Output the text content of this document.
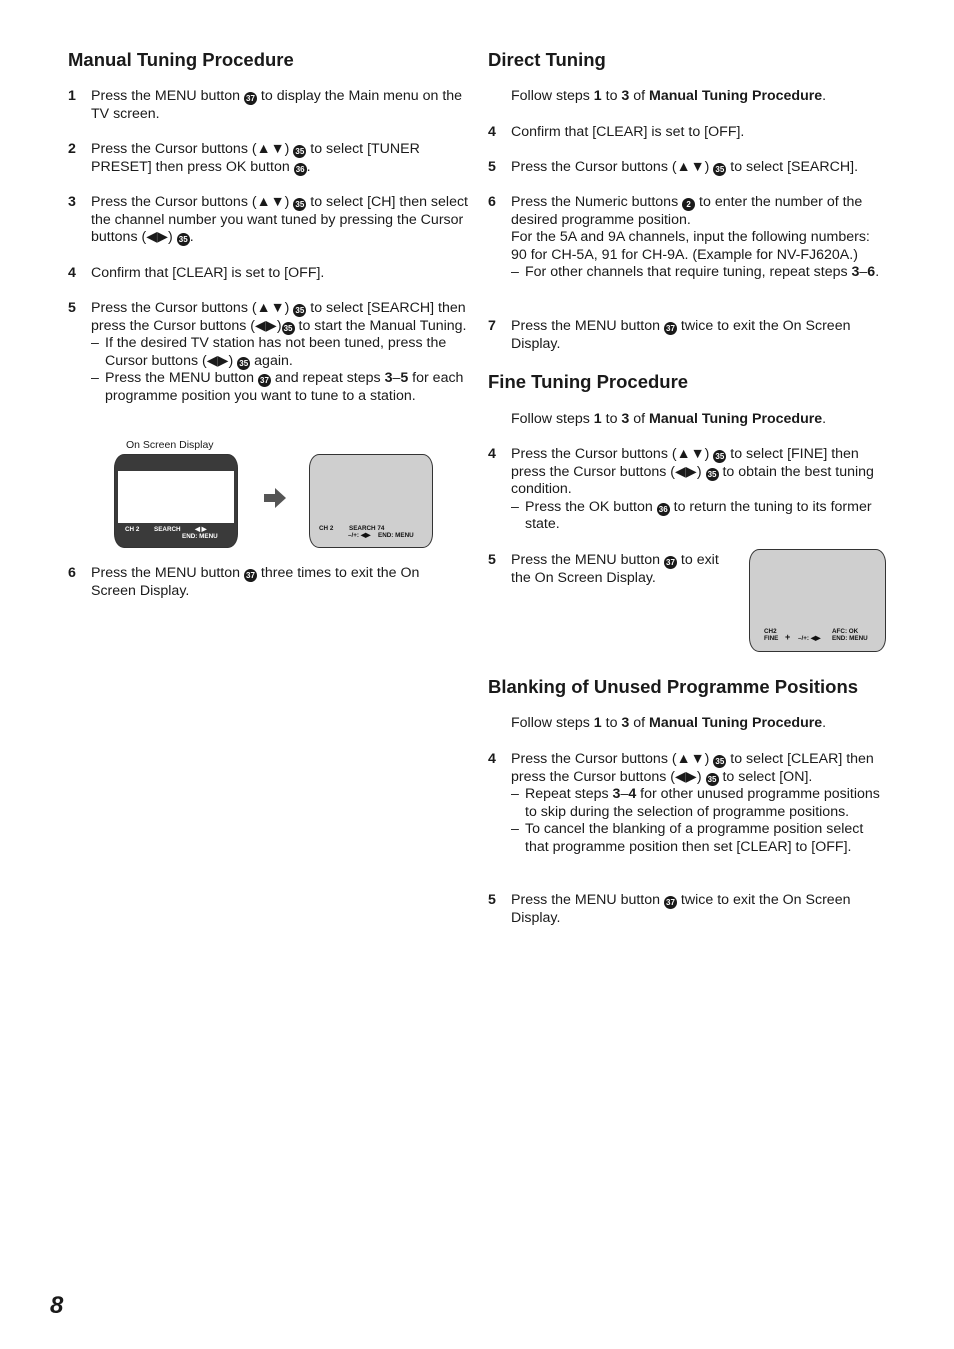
Manual Tuning Procedure
1	Press the MENU button 37 to display the Main menu on the TV screen.

2	Press the Cursor buttons (▲▼) 35 to select [TUNER PRESET] then press OK button 36 .

3	Press the Cursor buttons (▲▼) 35 to select [CH] then select the channel number you want tuned by pressing the Cursor buttons (◀▶) 35 .

4	Confirm that [CLEAR] is set to [OFF].

5	Press the Cursor buttons (▲▼) 35 to select [SEARCH] then press the Cursor buttons (◀▶) 35 to start the Manual Tuning.

– If the desired TV station has not been tuned, press the Cursor buttons (◀▶) 35 again.

– Press the MENU button 37 and repeat steps 3–5 for each programme position you want to tune to a station.

On Screen Display
CH 2 SEARCH ◀ ▶
END: MENU
CH 2 SEARCH 74
–/+: ◀▶ END: MENU
6	Press the MENU button 37 three times to exit the On Screen Display.

Direct Tuning
Follow steps 1 to 3 of Manual Tuning Procedure.
4	Confirm that [CLEAR] is set to [OFF].

5	Press the Cursor buttons (▲▼) 35 to select [SEARCH].

6	Press the Numeric buttons 2 to enter the number of the desired programme position.

For the 5A and 9A channels, input the following numbers: 90 for CH-5A, 91 for CH-9A. (Example for NV-FJ620A.)

– For other channels that require tuning, repeat steps 3–6.

7	Press the MENU button 37 twice to exit the On Screen Display.

Fine Tuning Procedure
Follow steps 1 to 3 of Manual Tuning Procedure.
4	Press the Cursor buttons (▲▼) 35 to select [FINE] then press the Cursor buttons (◀▶) 35 to obtain the best tuning condition.

– Press the OK button 36 to return the tuning to its former state.

5	Press the MENU button 37 to exit the On Screen Display.

CH2
FINE + –/+: ◀▶
AFC: OK
END: MENU
Blanking of Unused Programme Positions
Follow steps 1 to 3 of Manual Tuning Procedure.
4	Press the Cursor buttons (▲▼) 35 to select [CLEAR] then press the Cursor buttons (◀▶) 35 to select [ON].

– Repeat steps 3–4 for other unused programme positions to skip during the selection of programme positions.

– To cancel the blanking of a programme position select that programme position then set [CLEAR] to [OFF].

5	Press the MENU button 37 twice to exit the On Screen Display.

8
